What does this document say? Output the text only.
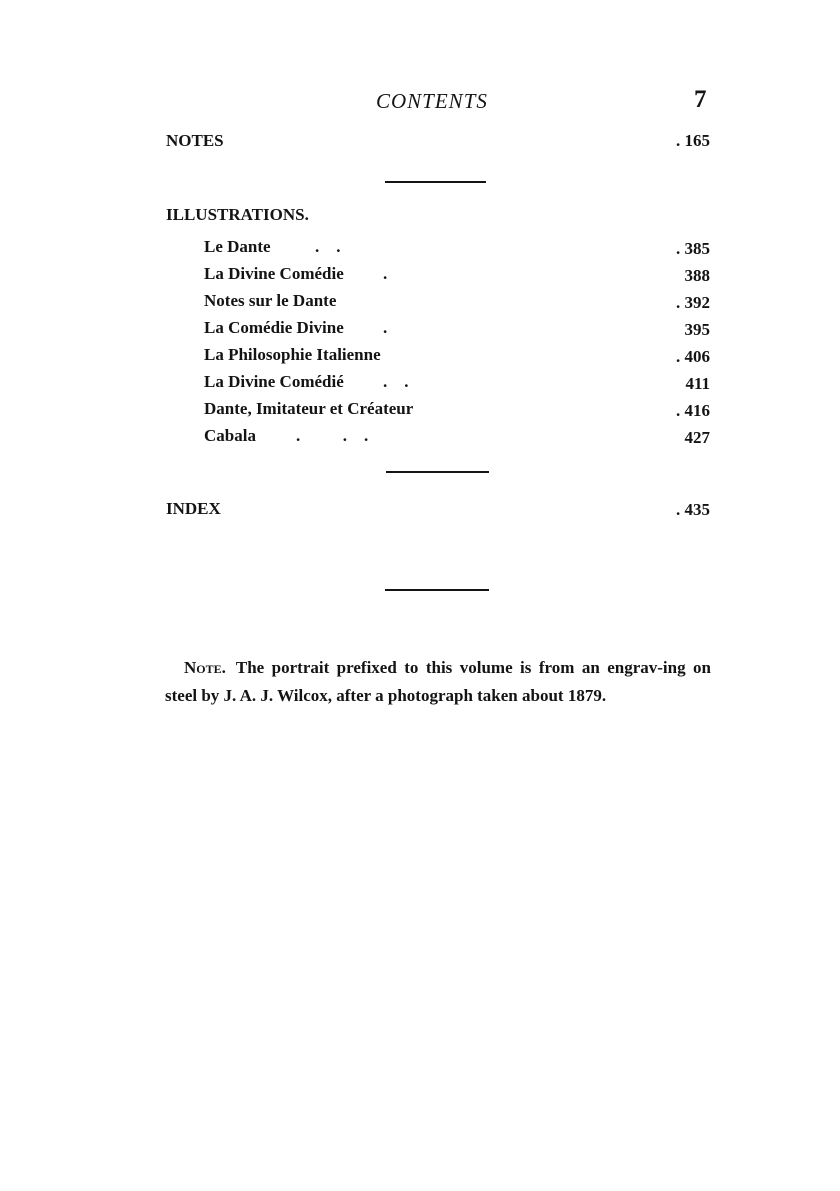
CONTENTS	7
NOTES	. 165
ILLUSTRATIONS.
Le Dante	.    .	. 385
La Divine Comédie .	388
Notes sur le Dante	. 392
La Comédie Divine .	395
La Philosophie Italienne	. 406
La Divine Comédié .    .	411
Dante, Imitateur et Créateur	. 416
Cabala .          .    .	427
INDEX	. 435
Note. The portrait prefixed to this volume is from an engrav-ing on steel by J. A. J. Wilcox, after a photograph taken about 1879.
